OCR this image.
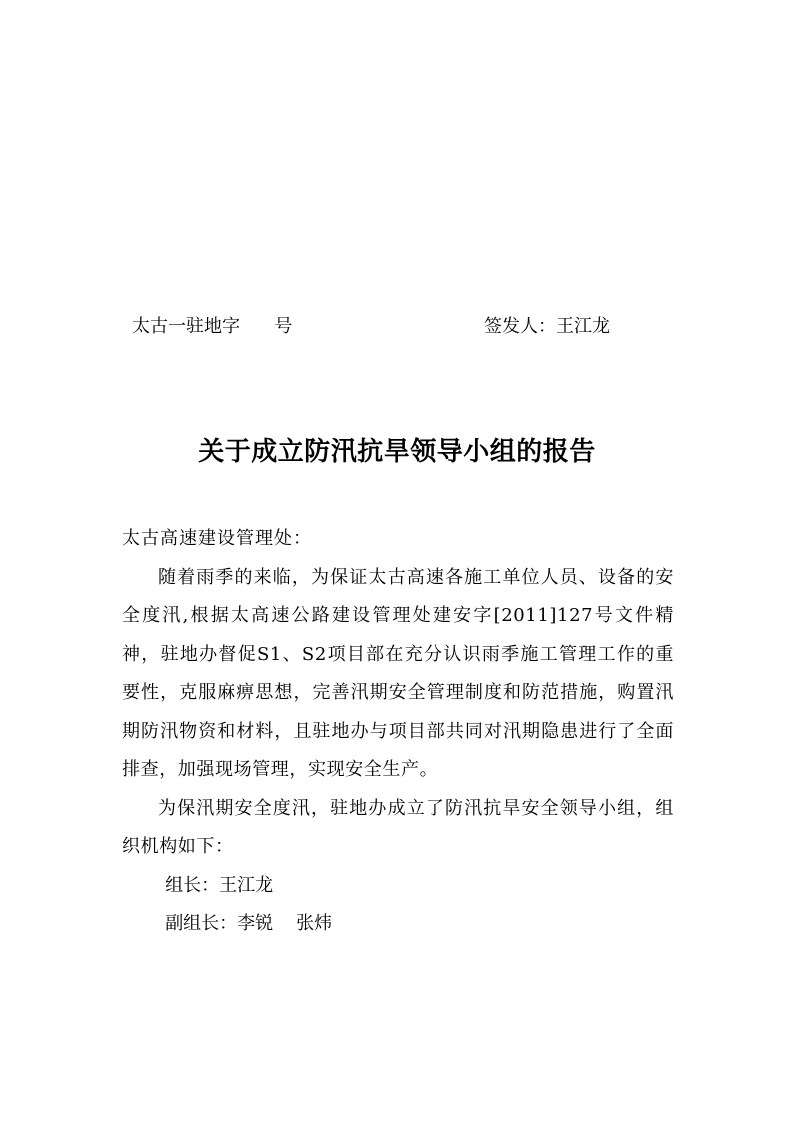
太古一驻地字      号	签发人：王江龙
关于成立防汛抗旱领导小组的报告

太古高速建设管理处：

随着雨季的来临，为保证太古高速各施工单位人员、设备的安全度汛,根据太高速公路建设管理处建安字[2011]127号文件精神，驻地办督促S1、S2项目部在充分认识雨季施工管理工作的重要性，克服麻痹思想，完善汛期安全管理制度和防范措施，购置汛期防汛物资和材料，且驻地办与项目部共同对汛期隐患进行了全面排查，加强现场管理，实现安全生产。

为保汛期安全度汛，驻地办成立了防汛抗旱安全领导小组，组织机构如下：

组长：王江龙

副组长：李锐    张炜
